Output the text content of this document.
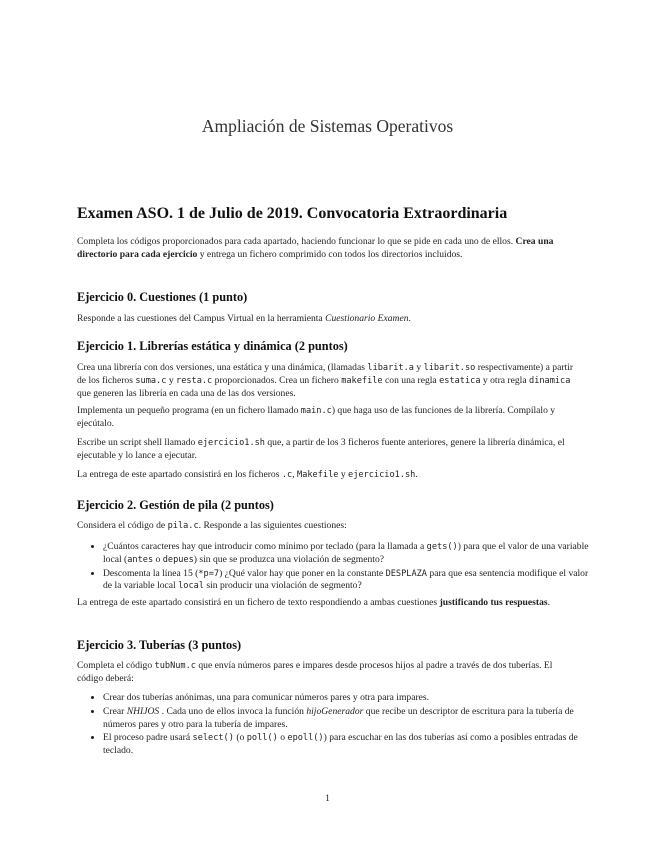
Ampliación de Sistemas Operativos
Examen ASO. 1 de Julio de 2019. Convocatoria Extraordinaria

Completa los códigos proporcionados para cada apartado, haciendo funcionar lo que se pide en cada uno de ellos. Crea una directorio para cada ejercicio y entrega un fichero comprimido con todos los directorios incluidos.

Ejercicio 0. Cuestiones (1 punto)

Responde a las cuestiones del Campus Virtual en la herramienta Cuestionario Examen.

Ejercicio 1. Librerías estática y dinámica (2 puntos)

Crea una librería con dos versiones, una estática y una dinámica, (llamadas libarit.a y libarit.so respectivamente) a partir de los ficheros suma.c y resta.c proporcionados. Crea un fichero makefile con una regla estatica y otra regla dinamica que generen las librería en cada una de las dos versiones.

Implementa un pequeño programa (en un fichero llamado main.c) que haga uso de las funciones de la librería. Compílalo y ejecútalo.

Escribe un script shell llamado ejercicio1.sh que, a partir de los 3 ficheros fuente anteriores, genere la librería dinámica, el ejecutable y lo lance a ejecutar.

La entrega de este apartado consistirá en los ficheros .c, Makefile y ejercicio1.sh.

Ejercicio 2. Gestión de pila (2 puntos)

Considera el código de pila.c. Responde a las siguientes cuestiones:

• ¿Cuántos caracteres hay que introducir como mínimo por teclado (para la llamada a gets()) para que el valor de una variable local (antes o depues) sin que se produzca una violación de segmento?
• Descomenta la línea 15 (*p=7) ¿Qué valor hay que poner en la constante DESPLAZA para que esa sentencia modifique el valor de la variable local local sin producir una violación de segmento?

La entrega de este apartado consistirá en un fichero de texto respondiendo a ambas cuestiones justificando tus respuestas.

Ejercicio 3. Tuberías (3 puntos)

Completa el código tubNum.c que envía números pares e impares desde procesos hijos al padre a través de dos tuberías. El código deberá:

• Crear dos tuberías anónimas, una para comunicar números pares y otra para impares.
• Crear NHIJOS . Cada uno de ellos invoca la función hijoGenerador que recibe un descriptor de escritura para la tubería de números pares y otro para la tubería de impares.
• El proceso padre usará select() (o poll() o epoll()) para escuchar en las dos tuberías así como a posibles entradas de teclado.
1
